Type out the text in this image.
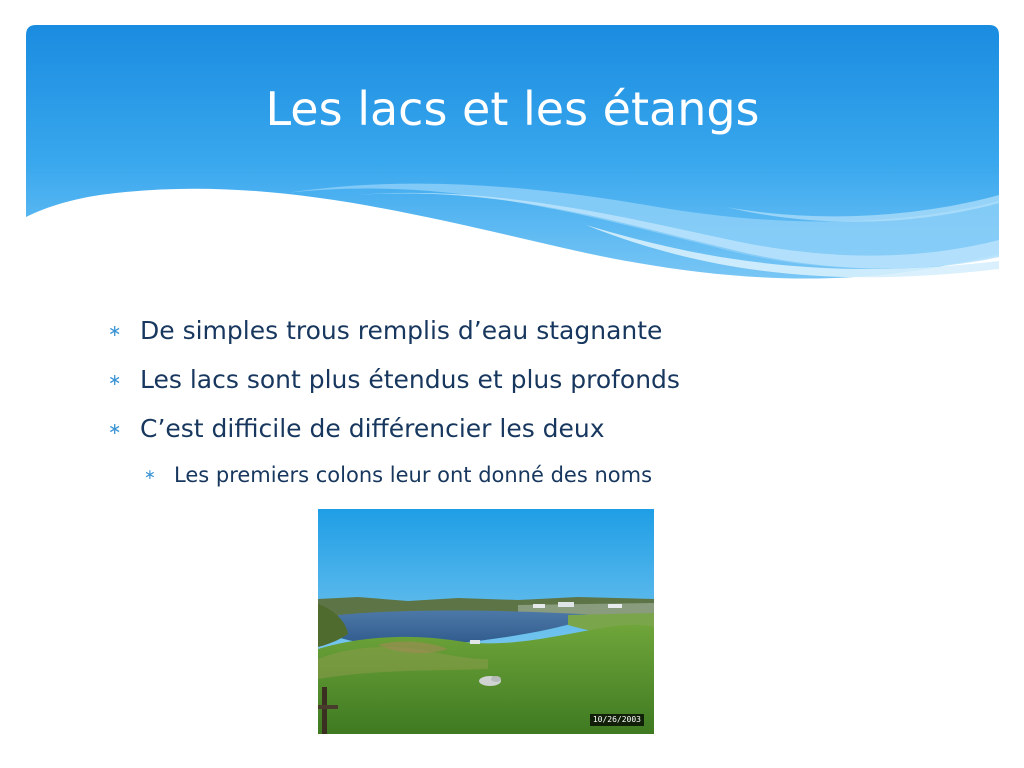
Les lacs et les étangs
∗ De simples trous remplis d’eau stagnante
∗ Les lacs sont plus étendus et plus profonds
∗ C’est difficile de différencier les deux
∗ Les premiers colons leur ont donné des noms
10/26/2003
